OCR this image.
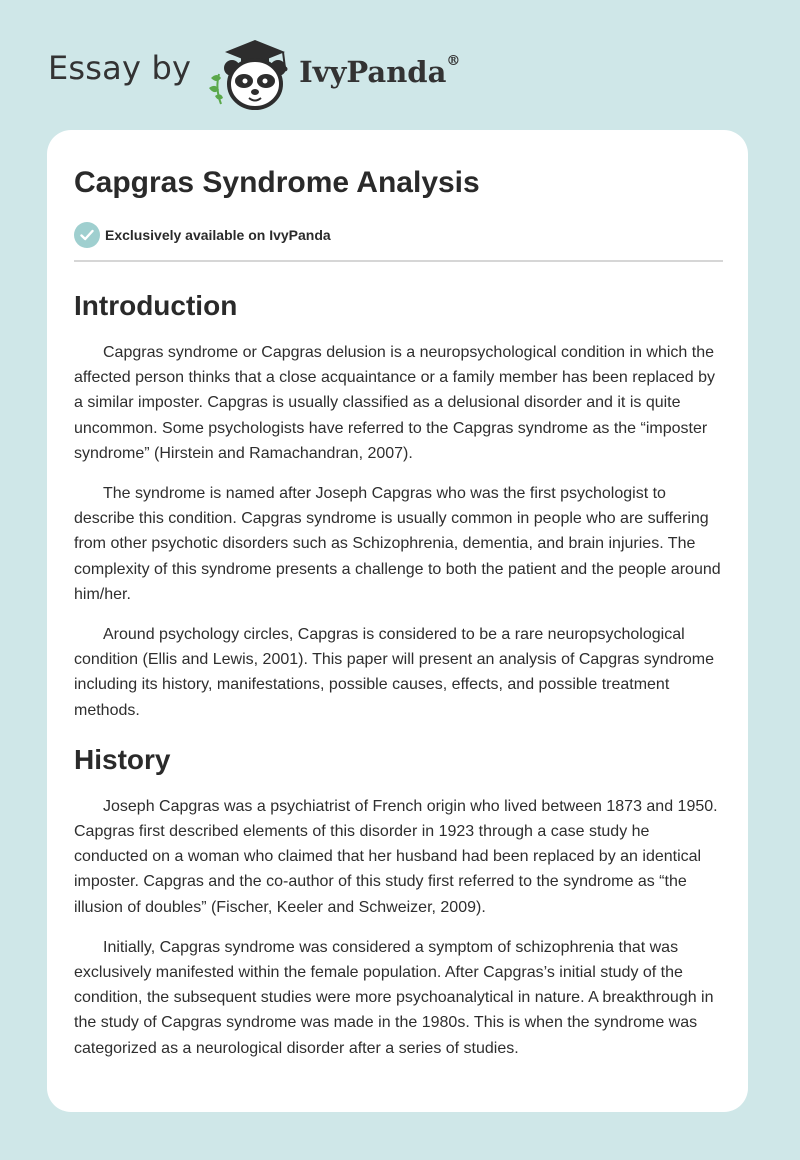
Essay by	IvyPanda®
Capgras Syndrome Analysis
Exclusively available on IvyPanda
Introduction

Capgras syndrome or Capgras delusion is a neuropsychological condition in which the affected person thinks that a close acquaintance or a family member has been replaced by a similar imposter. Capgras is usually classified as a delusional disorder and it is quite uncommon. Some psychologists have referred to the Capgras syndrome as the “imposter syndrome” (Hirstein and Ramachandran, 2007).

The syndrome is named after Joseph Capgras who was the first psychologist to describe this condition. Capgras syndrome is usually common in people who are suffering from other psychotic disorders such as Schizophrenia, dementia, and brain injuries. The complexity of this syndrome presents a challenge to both the patient and the people around him/her.

Around psychology circles, Capgras is considered to be a rare neuropsychological condition (Ellis and Lewis, 2001). This paper will present an analysis of Capgras syndrome including its history, manifestations, possible causes, effects, and possible treatment methods.

History

Joseph Capgras was a psychiatrist of French origin who lived between 1873 and 1950. Capgras first described elements of this disorder in 1923 through a case study he conducted on a woman who claimed that her husband had been replaced by an identical imposter. Capgras and the co-author of this study first referred to the syndrome as “the illusion of doubles” (Fischer, Keeler and Schweizer, 2009).

Initially, Capgras syndrome was considered a symptom of schizophrenia that was exclusively manifested within the female population. After Capgras’s initial study of the condition, the subsequent studies were more psychoanalytical in nature. A breakthrough in the study of Capgras syndrome was made in the 1980s. This is when the syndrome was categorized as a neurological disorder after a series of studies.
